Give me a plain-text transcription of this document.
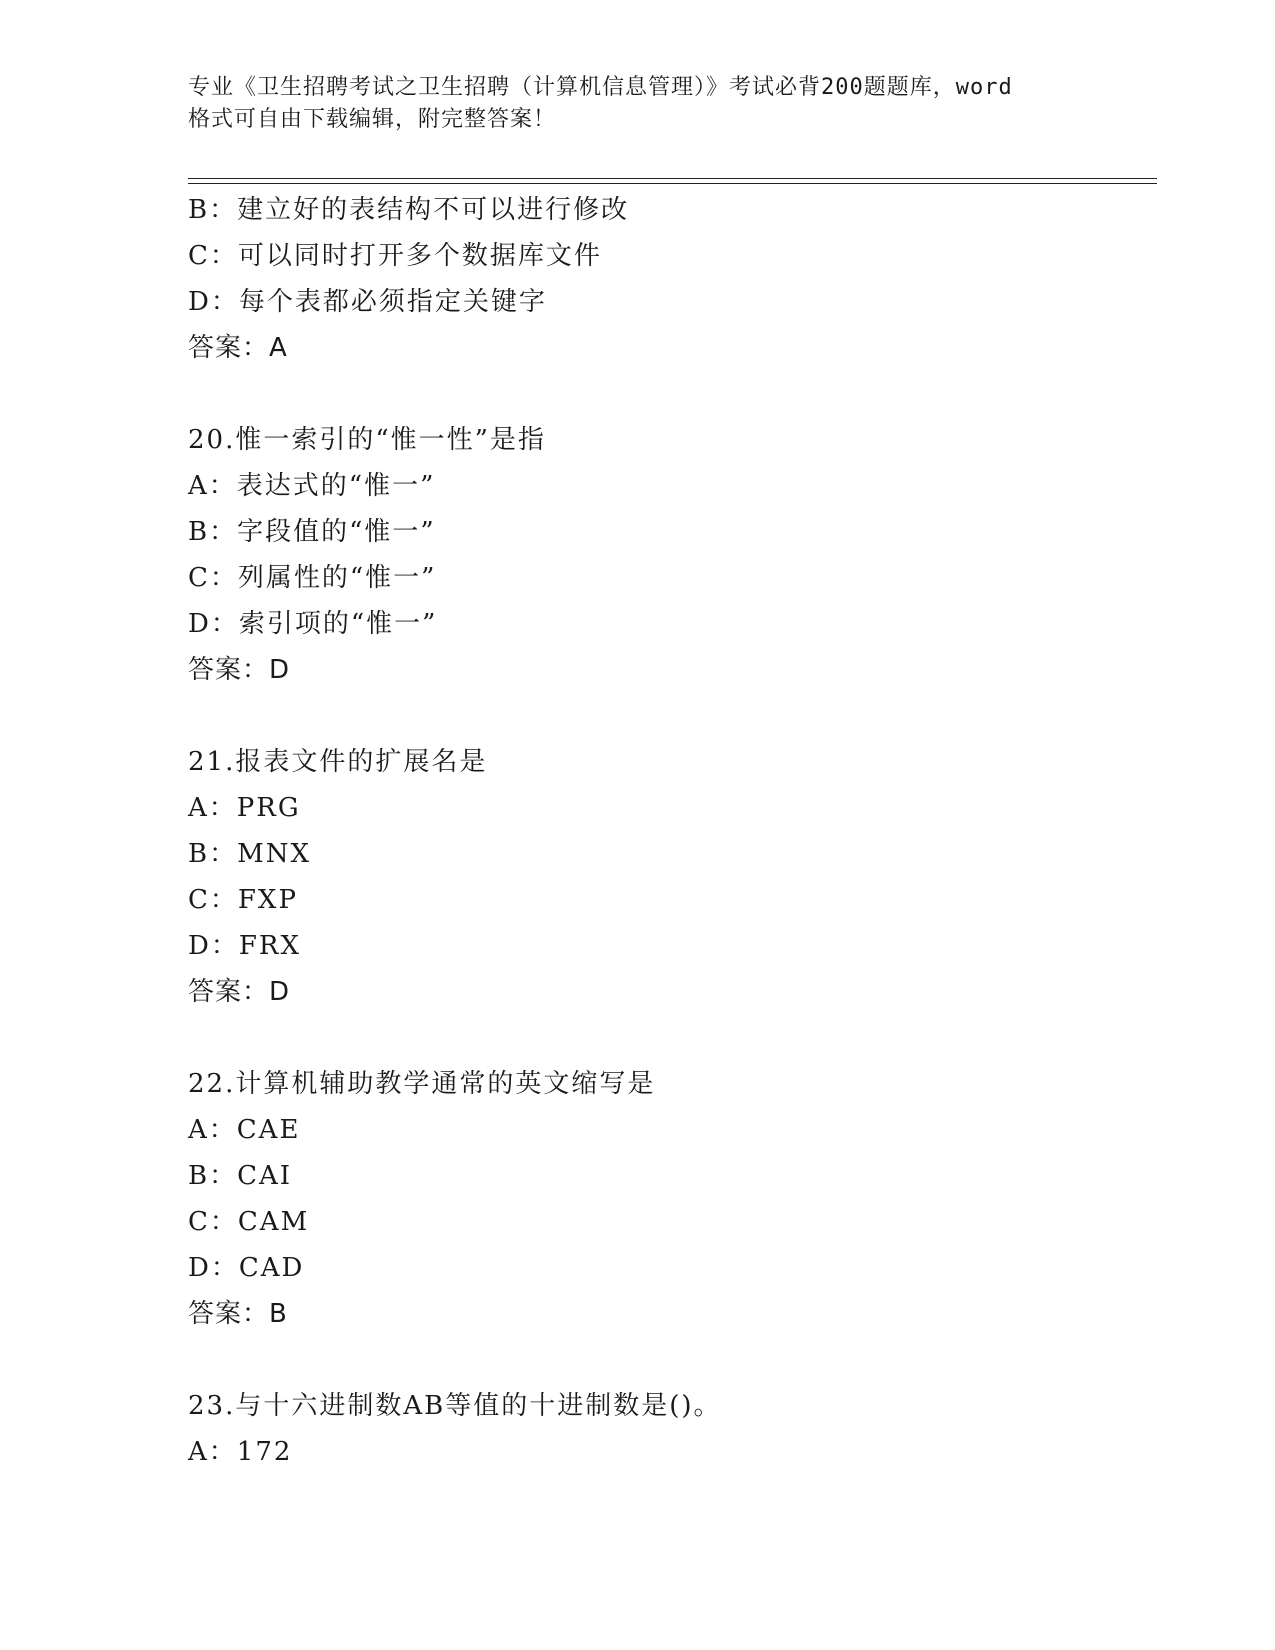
专业《卫生招聘考试之卫生招聘（计算机信息管理）》考试必背200题题库，word
格式可自由下载编辑，附完整答案！
B：建立好的表结构不可以进行修改
C：可以同时打开多个数据库文件
D：每个表都必须指定关键字
答案：A
20.惟一索引的“惟一性”是指
A：表达式的“惟一”
B：字段值的“惟一”
C：列属性的“惟一”
D：索引项的“惟一”
答案：D
21.报表文件的扩展名是
A：PRG
B：MNX
C：FXP
D：FRX
答案：D
22.计算机辅助教学通常的英文缩写是
A：CAE
B：CAI
C：CAM
D：CAD
答案：B
23.与十六进制数AB等值的十进制数是()。
A：172
